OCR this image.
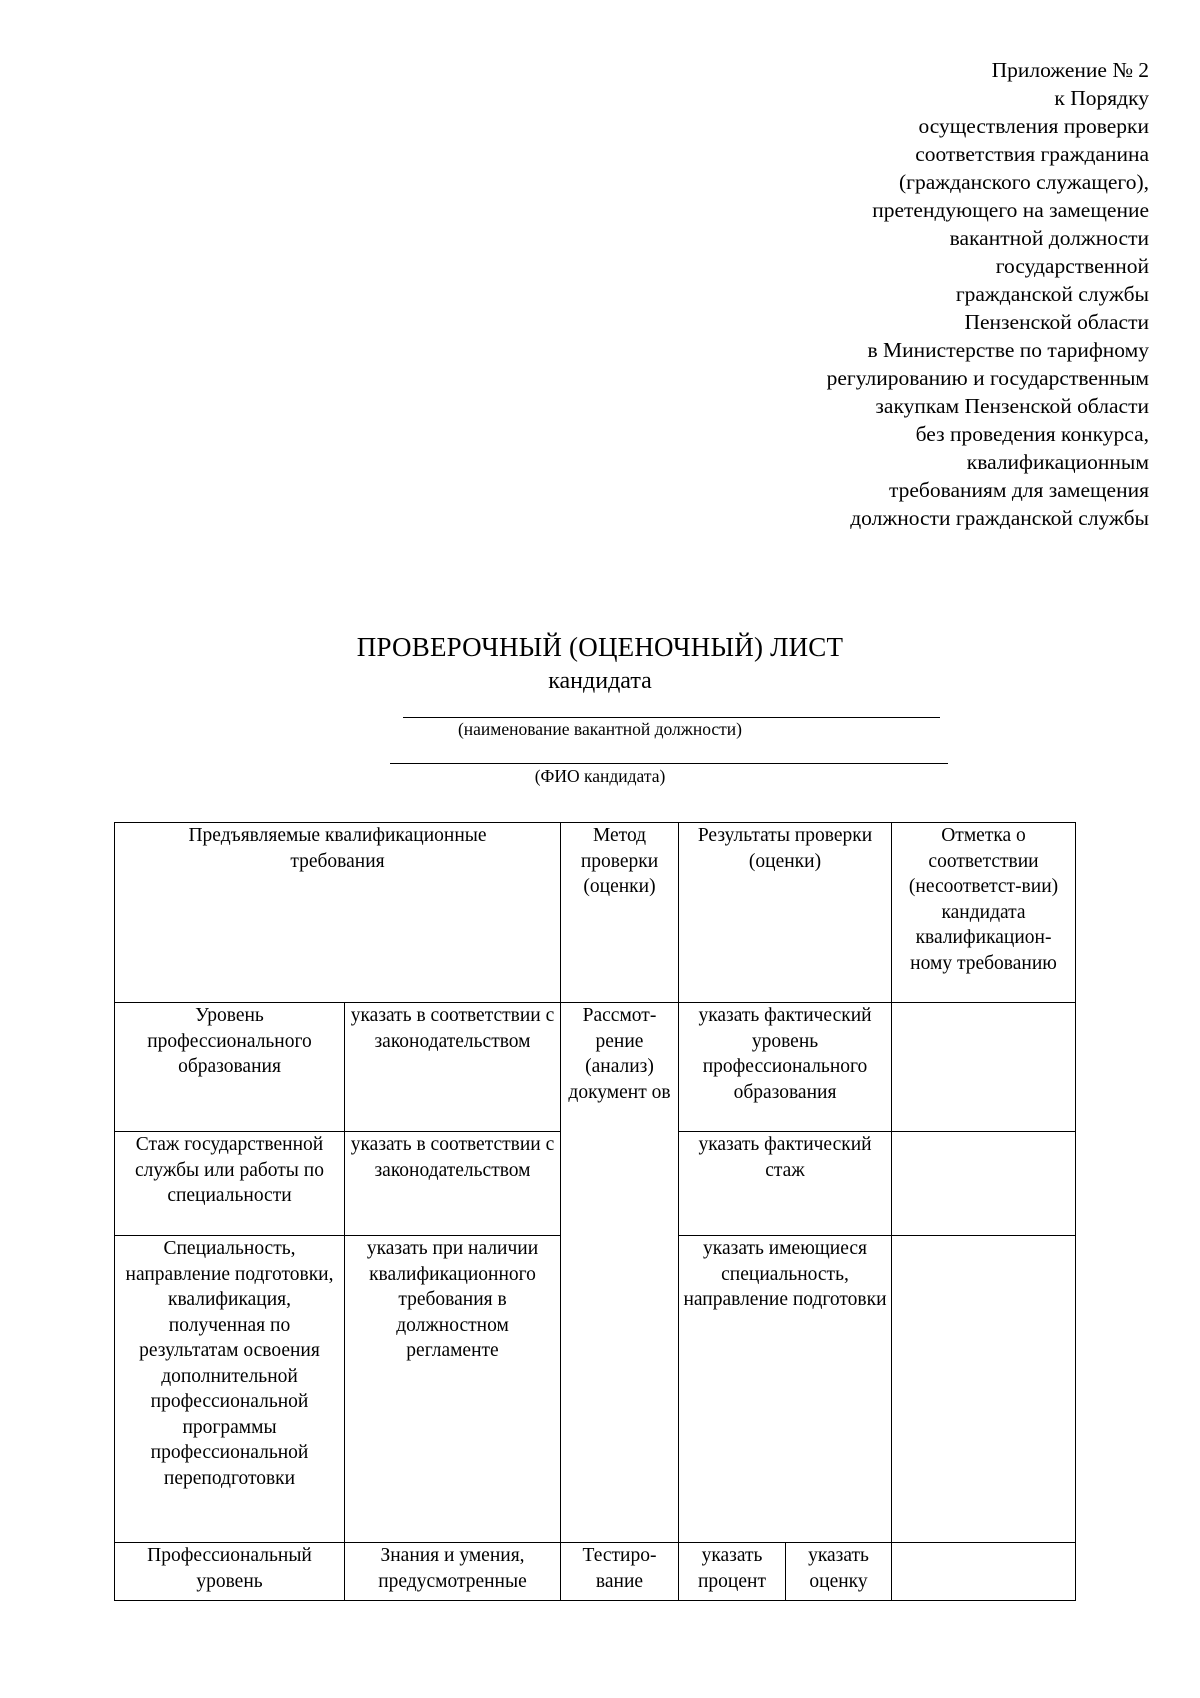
Приложение № 2
к Порядку
осуществления проверки
соответствия гражданина
(гражданского служащего),
претендующего на замещение
вакантной должности
государственной
гражданской службы
Пензенской области
в Министерстве по тарифному
регулированию и государственным
закупкам Пензенской области
без проведения конкурса,
квалификационным
требованиям для замещения
должности гражданской службы
ПРОВЕРОЧНЫЙ (ОЦЕНОЧНЫЙ) ЛИСТ
кандидата
(наименование вакантной должности)
(ФИО кандидата)
Предъявляемые квалификационные требования		Метод проверки (оценки)	Результаты проверки (оценки)		Отметка о соответствии (несоответст-вии) кандидата квалификацион-ному требованию
Уровень профессионального образования	указать в соответствии с законодательством	Рассмот-рение (анализ) документ ов	указать фактический уровень профессионального образования		
Стаж государственной службы или работы по специальности	указать в соответствии с законодательством		указать фактический стаж		
Специальность, направление подготовки, квалификация, полученная по результатам освоения дополнительной профессиональной программы профессиональной переподготовки	указать при наличии квалификационного требования в должностном регламенте		указать имеющиеся специальность, направление подготовки		
Профессиональный уровень	Знания и умения, предусмотренные	Тестиро-вание	указать процент	указать оценку	
